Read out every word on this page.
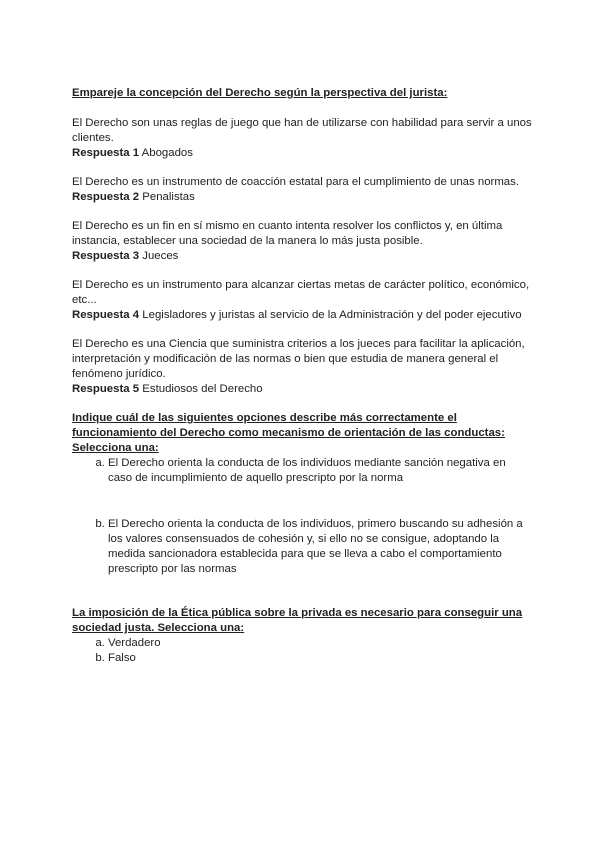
Empareje la concepción del Derecho según la perspectiva del jurista:

El Derecho son unas reglas de juego que han de utilizarse con habilidad para servir a unos clientes.

Respuesta 1 Abogados

El Derecho es un instrumento de coacción estatal para el cumplimiento de unas normas.

Respuesta 2 Penalistas

El Derecho es un fin en sí mismo en cuanto intenta resolver los conflictos y, en última instancia, establecer una sociedad de la manera lo más justa posible.

Respuesta 3 Jueces

El Derecho es un instrumento para alcanzar ciertas metas de carácter político, económico, etc...

Respuesta 4 Legisladores y juristas al servicio de la Administración y del poder ejecutivo

El Derecho es una Ciencia que suministra criterios a los jueces para facilitar la aplicación, interpretación y modificación de las normas o bien que estudia de manera general el fenómeno jurídico.

Respuesta 5 Estudiosos del Derecho

Indique cuál de las siguientes opciones describe más correctamente el funcionamiento del Derecho como mecanismo de orientación de las conductas: Selecciona una:

a. El Derecho orienta la conducta de los individuos mediante sanción negativa en caso de incumplimiento de aquello prescripto por la norma
b. El Derecho orienta la conducta de los individuos, primero buscando su adhesión a los valores consensuados de cohesión y, si ello no se consigue, adoptando la medida sancionadora establecida para que se lleva a cabo el comportamiento prescripto por las normas

La imposición de la Ética pública sobre la privada es necesario para conseguir una sociedad justa. Selecciona una:

a. Verdadero
b. Falso
